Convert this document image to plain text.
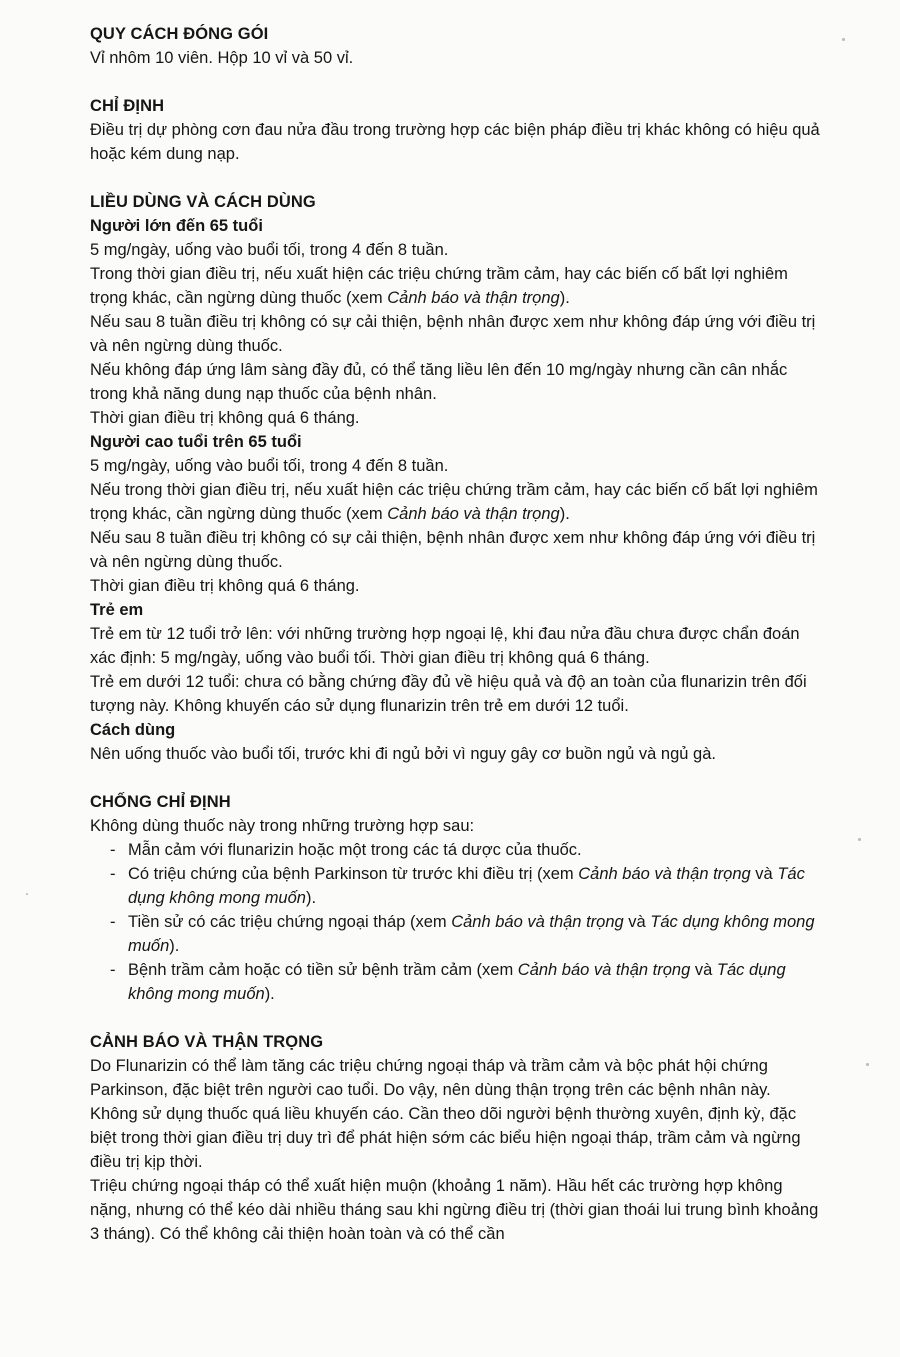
QUY CÁCH ĐÓNG GÓI

Vỉ nhôm 10 viên. Hộp 10 vỉ và 50 vỉ.

CHỈ ĐỊNH

Điều trị dự phòng cơn đau nửa đầu trong trường hợp các biện pháp điều trị khác không có hiệu quả hoặc kém dung nạp.

LIỀU DÙNG VÀ CÁCH DÙNG
Người lớn đến 65 tuổi

5 mg/ngày, uống vào buổi tối, trong 4 đến 8 tuần.

Trong thời gian điều trị, nếu xuất hiện các triệu chứng trầm cảm, hay các biến cố bất lợi nghiêm trọng khác, cần ngừng dùng thuốc (xem Cảnh báo và thận trọng).

Nếu sau 8 tuần điều trị không có sự cải thiện, bệnh nhân được xem như không đáp ứng với điều trị và nên ngừng dùng thuốc.

Nếu không đáp ứng lâm sàng đầy đủ, có thể tăng liều lên đến 10 mg/ngày nhưng cần cân nhắc trong khả năng dung nạp thuốc của bệnh nhân.

Thời gian điều trị không quá 6 tháng.

Người cao tuổi trên 65 tuổi

5 mg/ngày, uống vào buổi tối, trong 4 đến 8 tuần.

Nếu trong thời gian điều trị, nếu xuất hiện các triệu chứng trầm cảm, hay các biến cố bất lợi nghiêm trọng khác, cần ngừng dùng thuốc (xem Cảnh báo và thận trọng).

Nếu sau 8 tuần điều trị không có sự cải thiện, bệnh nhân được xem như không đáp ứng với điều trị và nên ngừng dùng thuốc.

Thời gian điều trị không quá 6 tháng.

Trẻ em

Trẻ em từ 12 tuổi trở lên: với những trường hợp ngoại lệ, khi đau nửa đầu chưa được chẩn đoán xác định: 5 mg/ngày, uống vào buổi tối. Thời gian điều trị không quá 6 tháng.

Trẻ em dưới 12 tuổi: chưa có bằng chứng đầy đủ về hiệu quả và độ an toàn của flunarizin trên đối tượng này. Không khuyến cáo sử dụng flunarizin trên trẻ em dưới 12 tuổi.

Cách dùng

Nên uống thuốc vào buổi tối, trước khi đi ngủ bởi vì nguy gây cơ buồn ngủ và ngủ gà.

CHỐNG CHỈ ĐỊNH

Không dùng thuốc này trong những trường hợp sau:

- Mẫn cảm với flunarizin hoặc một trong các tá dược của thuốc.
- Có triệu chứng của bệnh Parkinson từ trước khi điều trị (xem Cảnh báo và thận trọng và Tác dụng không mong muốn).
- Tiền sử có các triệu chứng ngoại tháp (xem Cảnh báo và thận trọng và Tác dụng không mong muốn).
- Bệnh trầm cảm hoặc có tiền sử bệnh trầm cảm (xem Cảnh báo và thận trọng và Tác dụng không mong muốn).
CẢNH BÁO VÀ THẬN TRỌNG

Do Flunarizin có thể làm tăng các triệu chứng ngoại tháp và trầm cảm và bộc phát hội chứng Parkinson, đặc biệt trên người cao tuổi. Do vậy, nên dùng thận trọng trên các bệnh nhân này.

Không sử dụng thuốc quá liều khuyến cáo. Cần theo dõi người bệnh thường xuyên, định kỳ, đặc biệt trong thời gian điều trị duy trì để phát hiện sớm các biểu hiện ngoại tháp, trầm cảm và ngừng điều trị kịp thời.

Triệu chứng ngoại tháp có thể xuất hiện muộn (khoảng 1 năm). Hầu hết các trường hợp không nặng, nhưng có thể kéo dài nhiều tháng sau khi ngừng điều trị (thời gian thoái lui trung bình khoảng 3 tháng). Có thể không cải thiện hoàn toàn và có thể cần
